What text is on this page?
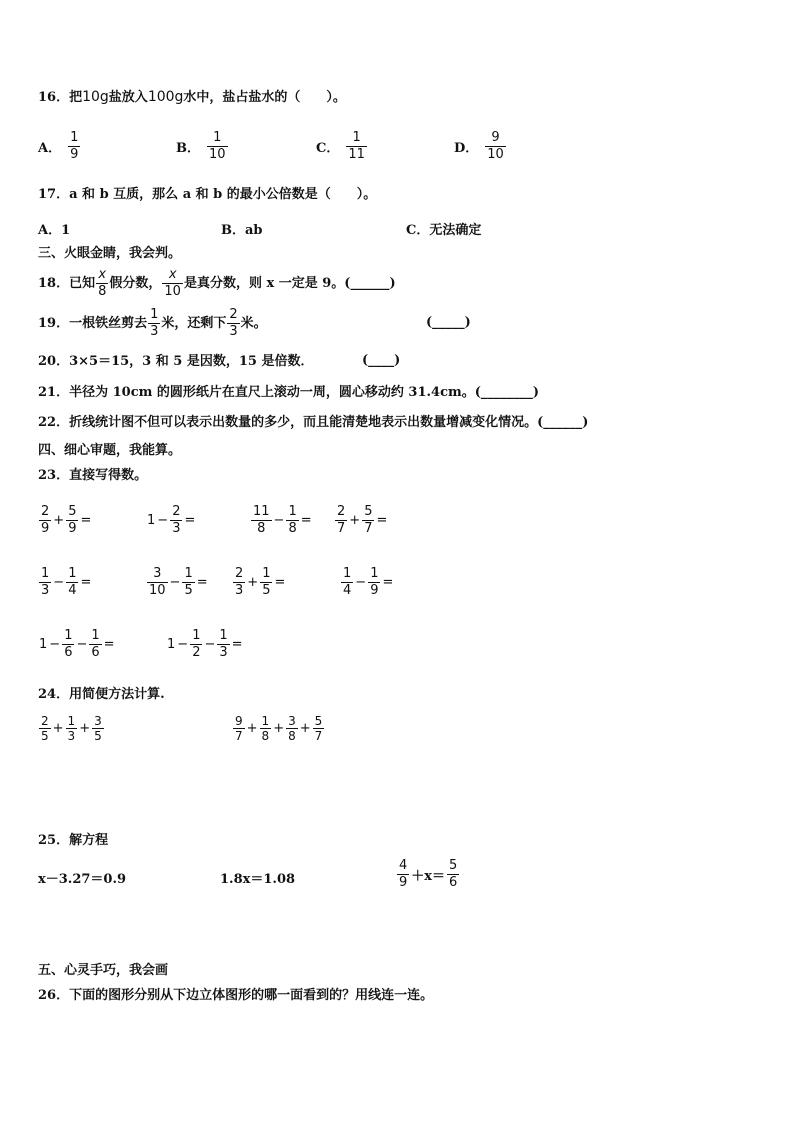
16．把10g盐放入100g水中，盐占盐水的（　　）。
A． $\frac{1}{9}$	B． $\frac{1}{10}$	C． $\frac{1}{11}$	D． $\frac{9}{10}$
17．a 和 b 互质，那么 a 和 b 的最小公倍数是（　　）。
A．1	B．ab	C．无法确定
三、火眼金睛，我会判。
18．已知 $\frac{x}{8}$ 假分数， $\frac{x}{10}$ 是真分数，则 x 一定是 9。(______)
19．一根铁丝剪去 $\frac{1}{3}$ 米，还剩下 $\frac{2}{3}$ 米。	(_____)
20．3×5＝15，3 和 5 是因数，15 是倍数．	(____)
21．半径为 10cm 的圆形纸片在直尺上滚动一周，圆心移动约 31.4cm。(________)
22．折线统计图不但可以表示出数量的多少，而且能清楚地表示出数量增减变化情况。(______)
四、细心审题，我能算。
23．直接写得数。
$\frac{2}{9} + \frac{5}{9}$ =	$1 - \frac{2}{3}$ =	$\frac{11}{8} - \frac{1}{8} = \frac{2}{7} + \frac{5}{7}$ =
$\frac{1}{3} - \frac{1}{4}$ =	$\frac{3}{10} - \frac{1}{5} = \frac{2}{3} + \frac{1}{5}$ =	$\frac{1}{4} - \frac{1}{9}$ =
$1 - \frac{1}{6} - \frac{1}{6}$ =	$1 - \frac{1}{2} - \frac{1}{3}$ =
24．用简便方法计算.
$\frac{2}{5} + \frac{1}{3} + \frac{3}{5}$	$\frac{9}{7} + \frac{1}{8} + \frac{3}{8} + \frac{5}{7}$
25．解方程
x－3.27＝0.9	1.8x＝1.08	$\frac{4}{9} +x= \frac{5}{6}$
五、心灵手巧，我会画
26．下面的图形分别从下边立体图形的哪一面看到的？用线连一连。
